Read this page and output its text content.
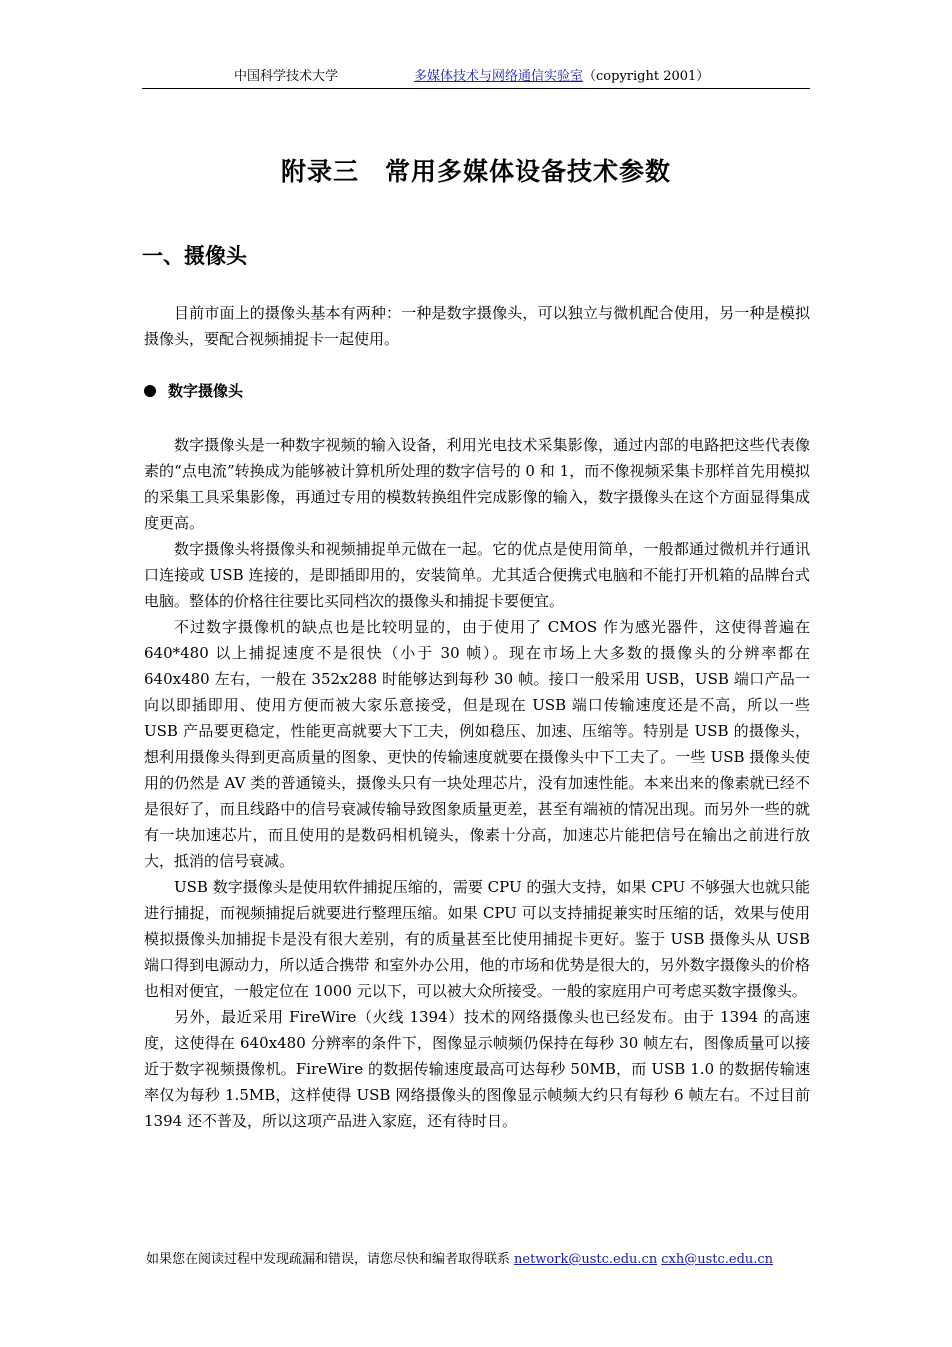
中国科学技术大学	多媒体技术与网络通信实验室（copyright 2001）
附录三　常用多媒体设备技术参数
一、摄像头

目前市面上的摄像头基本有两种：一种是数字摄像头，可以独立与微机配合使用，另一种是模拟摄像头，要配合视频捕捉卡一起使用。

数字摄像头

数字摄像头是一种数字视频的输入设备，利用光电技术采集影像，通过内部的电路把这些代表像素的“点电流”转换成为能够被计算机所处理的数字信号的 0 和 1，而不像视频采集卡那样首先用模拟的采集工具采集影像，再通过专用的模数转换组件完成影像的输入，数字摄像头在这个方面显得集成度更高。

数字摄像头将摄像头和视频捕捉单元做在一起。它的优点是使用简单，一般都通过微机并行通讯口连接或 USB 连接的，是即插即用的，安装简单。尤其适合便携式电脑和不能打开机箱的品牌台式电脑。整体的价格往往要比买同档次的摄像头和捕捉卡要便宜。

不过数字摄像机的缺点也是比较明显的，由于使用了 CMOS 作为感光器件，这使得普遍在 640*480 以上捕捉速度不是很快（小于 30 帧）。现在市场上大多数的摄像头的分辨率都在 640x480 左右，一般在 352x288 时能够达到每秒 30 帧。接口一般采用 USB，USB 端口产品一向以即插即用、使用方便而被大家乐意接受，但是现在 USB 端口传输速度还是不高，所以一些 USB 产品要更稳定，性能更高就要大下工夫，例如稳压、加速、压缩等。特别是 USB 的摄像头，想利用摄像头得到更高质量的图象、更快的传输速度就要在摄像头中下工夫了。一些 USB 摄像头使用的仍然是 AV 类的普通镜头，摄像头只有一块处理芯片，没有加速性能。本来出来的像素就已经不是很好了，而且线路中的信号衰减传输导致图象质量更差，甚至有端祯的情况出现。而另外一些的就有一块加速芯片，而且使用的是数码相机镜头，像素十分高，加速芯片能把信号在输出之前进行放大，抵消的信号衰减。

USB 数字摄像头是使用软件捕捉压缩的，需要 CPU 的强大支持，如果 CPU 不够强大也就只能进行捕捉，而视频捕捉后就要进行整理压缩。如果 CPU 可以支持捕捉兼实时压缩的话，效果与使用模拟摄像头加捕捉卡是没有很大差别，有的质量甚至比使用捕捉卡更好。鉴于 USB 摄像头从 USB 端口得到电源动力，所以适合携带 和室外办公用，他的市场和优势是很大的，另外数字摄像头的价格也相对便宜，一般定位在 1000 元以下，可以被大众所接受。一般的家庭用户可考虑买数字摄像头。

另外，最近采用 FireWire（火线 1394）技术的网络摄像头也已经发布。由于 1394 的高速度，这使得在 640x480 分辨率的条件下，图像显示帧频仍保持在每秒 30 帧左右，图像质量可以接近于数字视频摄像机。FireWire 的数据传输速度最高可达每秒 50MB，而 USB 1.0 的数据传输速率仅为每秒 1.5MB，这样使得 USB 网络摄像头的图像显示帧频大约只有每秒 6 帧左右。不过目前 1394 还不普及，所以这项产品进入家庭，还有待时日。

如果您在阅读过程中发现疏漏和错误，请您尽快和编者取得联系 network@ustc.edu.cn cxh@ustc.edu.cn
